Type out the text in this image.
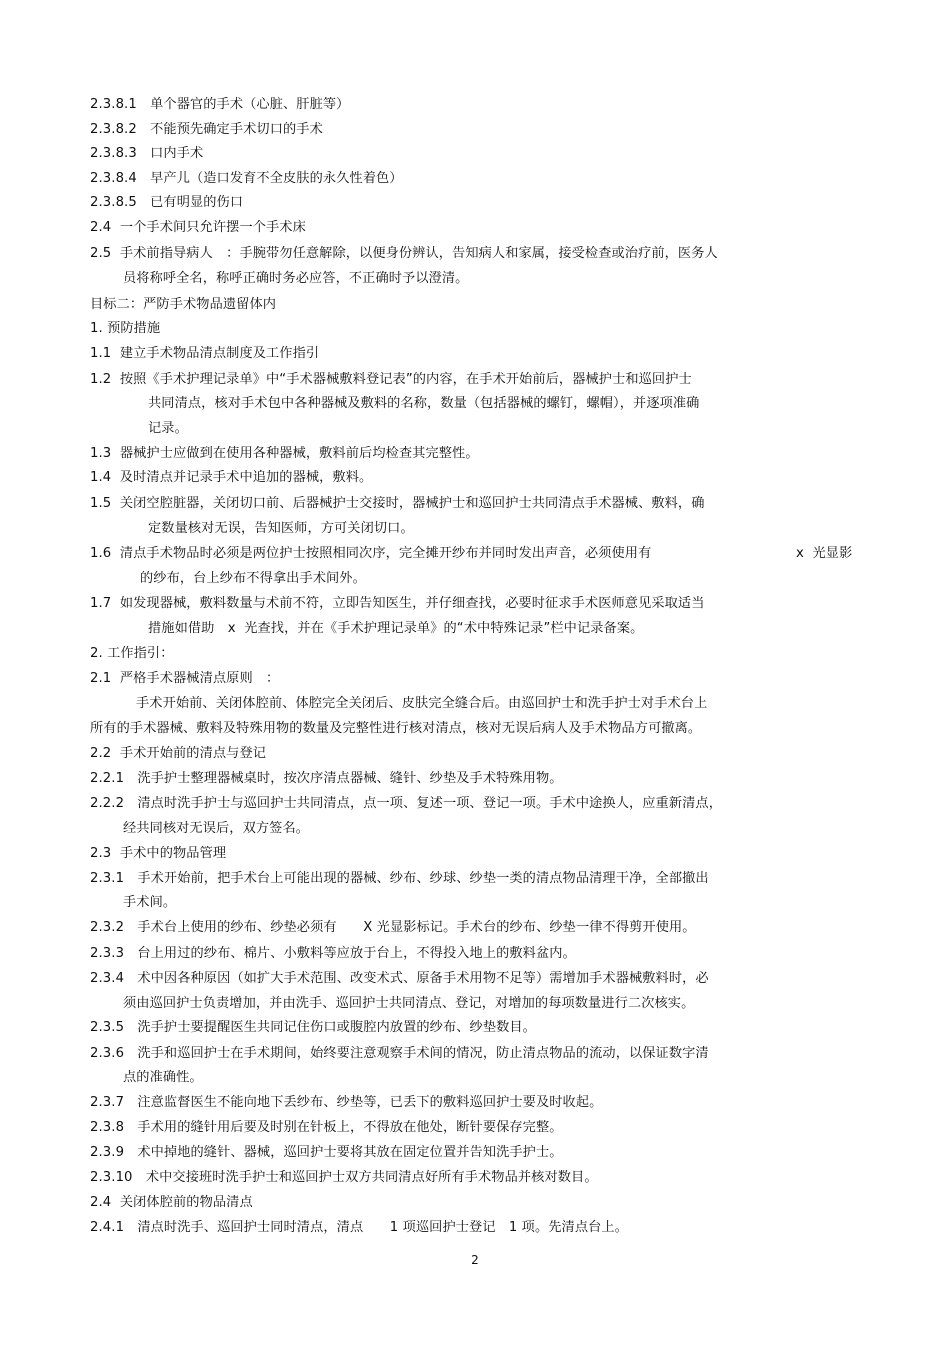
2.3.8.1　单个器官的手术（心脏、肝脏等）
2.3.8.2　不能预先确定手术切口的手术
2.3.8.3　口内手术
2.3.8.4　早产儿（造口发育不全皮肤的永久性着色）
2.3.8.5　已有明显的伤口
2.4  一个手术间只允许摆一个手术床
2.5  手术前指导病人　：手腕带勿任意解除，以便身份辨认，告知病人和家属，接受检查或治疗前，医务人
员将称呼全名，称呼正确时务必应答，不正确时予以澄清。
目标二：严防手术物品遗留体内
1. 预防措施
1.1  建立手术物品清点制度及工作指引
1.2  按照《手术护理记录单》中“手术器械敷料登记表”的内容，在手术开始前后，器械护士和巡回护士
共同清点，核对手术包中各种器械及敷料的名称，数量（包括器械的螺钉，螺帽），并逐项准确
记录。
1.3  器械护士应做到在使用各种器械，敷料前后均检查其完整性。
1.4  及时清点并记录手术中追加的器械，敷料。
1.5  关闭空腔脏器，关闭切口前、后器械护士交接时，器械护士和巡回护士共同清点手术器械、敷料，确
定数量核对无误，告知医师，方可关闭切口。
1.6  清点手术物品时必须是两位护士按照相同次序，完全摊开纱布并同时发出声音，必须使用有	x  光显影
的纱布，台上纱布不得拿出手术间外。
1.7  如发现器械，敷料数量与术前不符，立即告知医生，并仔细查找，必要时征求手术医师意见采取适当
措施如借助　x  光查找，并在《手术护理记录单》的“术中特殊记录”栏中记录备案。
2. 工作指引：
2.1  严格手术器械清点原则　：
手术开始前、关闭体腔前、体腔完全关闭后、皮肤完全缝合后。由巡回护士和洗手护士对手术台上
所有的手术器械、敷料及特殊用物的数量及完整性进行核对清点，核对无误后病人及手术物品方可撤离。
2.2  手术开始前的清点与登记
2.2.1　洗手护士整理器械桌时，按次序清点器械、缝针、纱垫及手术特殊用物。
2.2.2　清点时洗手护士与巡回护士共同清点，点一项、复述一项、登记一项。手术中途换人，应重新清点，
经共同核对无误后，双方签名。
2.3  手术中的物品管理
2.3.1　手术开始前，把手术台上可能出现的器械、纱布、纱球、纱垫一类的清点物品清理干净，全部撤出
手术间。
2.3.2　手术台上使用的纱布、纱垫必须有　　X 光显影标记。手术台的纱布、纱垫一律不得剪开使用。
2.3.3　台上用过的纱布、棉片、小敷料等应放于台上，不得投入地上的敷料盆内。
2.3.4　术中因各种原因（如扩大手术范围、改变术式、原备手术用物不足等）需增加手术器械敷料时，必
须由巡回护士负责增加，并由洗手、巡回护士共同清点、登记，对增加的每项数量进行二次核实。
2.3.5　洗手护士要提醒医生共同记住伤口或腹腔内放置的纱布、纱垫数目。
2.3.6　洗手和巡回护士在手术期间，始终要注意观察手术间的情况，防止清点物品的流动，以保证数字清
点的准确性。
2.3.7　注意监督医生不能向地下丢纱布、纱垫等，已丢下的敷料巡回护士要及时收起。
2.3.8　手术用的缝针用后要及时别在针板上，不得放在他处，断针要保存完整。
2.3.9　术中掉地的缝针、器械，巡回护士要将其放在固定位置并告知洗手护士。
2.3.10　术中交接班时洗手护士和巡回护士双方共同清点好所有手术物品并核对数目。
2.4  关闭体腔前的物品清点
2.4.1　清点时洗手、巡回护士同时清点，清点　　1 项巡回护士登记　1 项。先清点台上。
2
